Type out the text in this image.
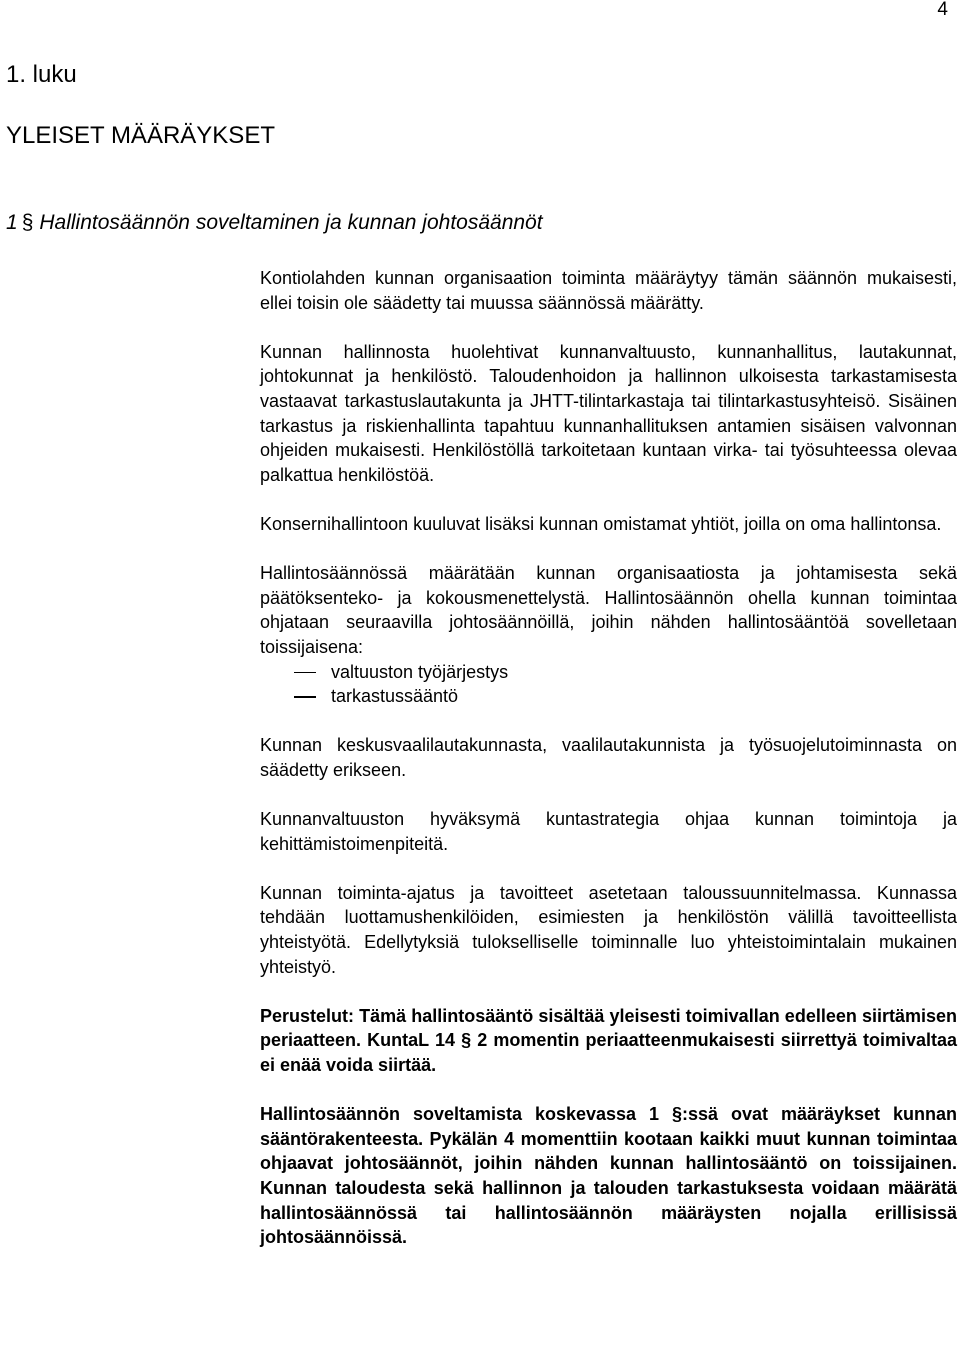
4
1. luku
YLEISET MÄÄRÄYKSET
1 § Hallintosäännön soveltaminen ja kunnan johtosäännöt

Kontiolahden kunnan organisaation toiminta määräytyy tämän säännön mukaisesti, ellei toisin ole säädetty tai muussa säännössä määrätty.

Kunnan hallinnosta huolehtivat kunnanvaltuusto, kunnanhallitus, lautakunnat, johtokunnat ja henkilöstö. Taloudenhoidon ja hallinnon ulkoisesta tarkastamisesta vastaavat tarkastuslautakunta ja JHTT-tilintarkastaja tai tilintarkastusyhteisö. Sisäinen tarkastus ja riskienhallinta tapahtuu kunnanhallituksen antamien sisäisen valvonnan ohjeiden mukaisesti. Henkilöstöllä tarkoitetaan kuntaan virka- tai työsuhteessa olevaa palkattua henkilöstöä.

Konsernihallintoon kuuluvat lisäksi kunnan omistamat yhtiöt, joilla on oma hallintonsa.

Hallintosäännössä määrätään kunnan organisaatiosta ja johtamisesta sekä päätöksenteko- ja kokousmenettelystä. Hallintosäännön ohella kunnan toimintaa ohjataan seuraavilla johtosäännöillä, joihin nähden hallintosääntöä sovelletaan toissijaisena:

valtuuston työjärjestys
tarkastussääntö

Kunnan keskusvaalilautakunnasta, vaalilautakunnista ja työsuojelutoiminnasta on säädetty erikseen.

Kunnanvaltuuston hyväksymä kuntastrategia ohjaa kunnan toimintoja ja kehittämistoimenpiteitä.

Kunnan toiminta-ajatus ja tavoitteet asetetaan taloussuunnitelmassa. Kunnassa tehdään luottamushenkilöiden, esimiesten ja henkilöstön välillä tavoitteellista yhteistyötä. Edellytyksiä tulokselliselle toiminnalle luo yhteistoimintalain mukainen yhteistyö.

Perustelut: Tämä hallintosääntö sisältää yleisesti toimivallan edelleen siirtämisen periaatteen. KuntaL 14 § 2 momentin periaatteenmukaisesti siirrettyä toimivaltaa ei enää voida siirtää.

Hallintosäännön soveltamista koskevassa 1 §:ssä ovat määräykset kunnan sääntörakenteesta. Pykälän 4 momenttiin kootaan kaikki muut kunnan toimintaa ohjaavat johtosäännöt, joihin nähden kunnan hallintosääntö on toissijainen. Kunnan taloudesta sekä hallinnon ja talouden tarkastuksesta voidaan määrätä hallintosäännössä tai hallintosäännön määräysten nojalla erillisissä johtosäännöissä.
